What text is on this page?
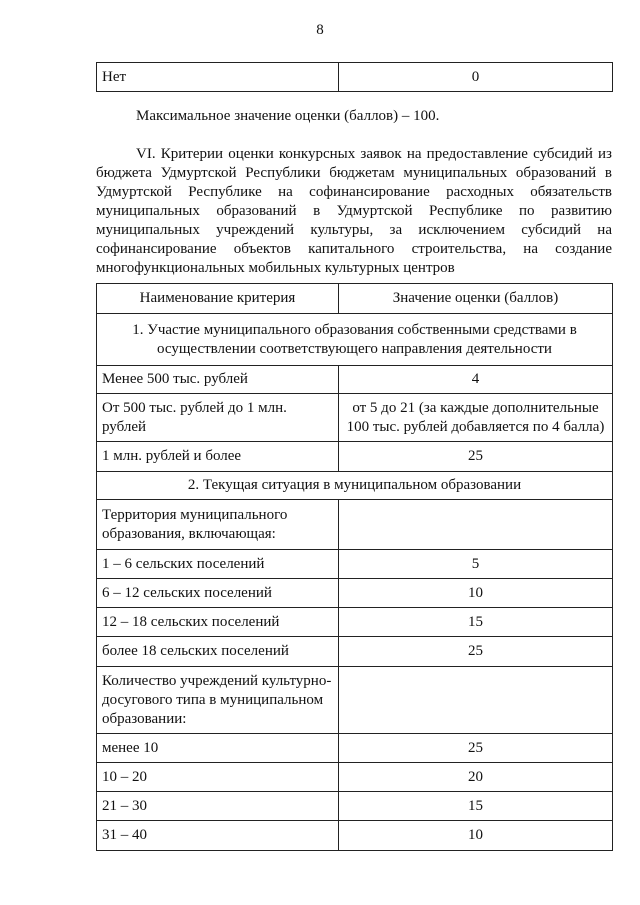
8
Нет	0
Максимальное значение оценки (баллов) – 100.
VI. Критерии оценки конкурсных заявок на предоставление субсидий из
бюджета Удмуртской Республики бюджетам муниципальных образований в
Удмуртской Республике на софинансирование расходных обязательств
муниципальных образований в Удмуртской Республике по развитию
муниципальных учреждений культуры, за исключением субсидий на
софинансирование объектов капитального строительства, на создание
многофункциональных мобильных культурных центров
Наименование критерия	Значение оценки (баллов)
1. Участие муниципального образования собственными средствами в осуществлении соответствующего направления деятельности	
Менее 500 тыс. рублей	4
От 500 тыс. рублей до 1 млн. рублей	от 5 до 21 (за каждые дополнительные 100 тыс. рублей добавляется по 4 балла)
1 млн. рублей и более	25
2. Текущая ситуация в муниципальном образовании	
Территория муниципального образования, включающая:	
1 – 6 сельских поселений	5
6 – 12 сельских поселений	10
12 – 18 сельских поселений	15
более 18 сельских поселений	25
Количество учреждений культурно-досугового типа в муниципальном образовании:	
менее 10	25
10 – 20	20
21 – 30	15
31 – 40	10
